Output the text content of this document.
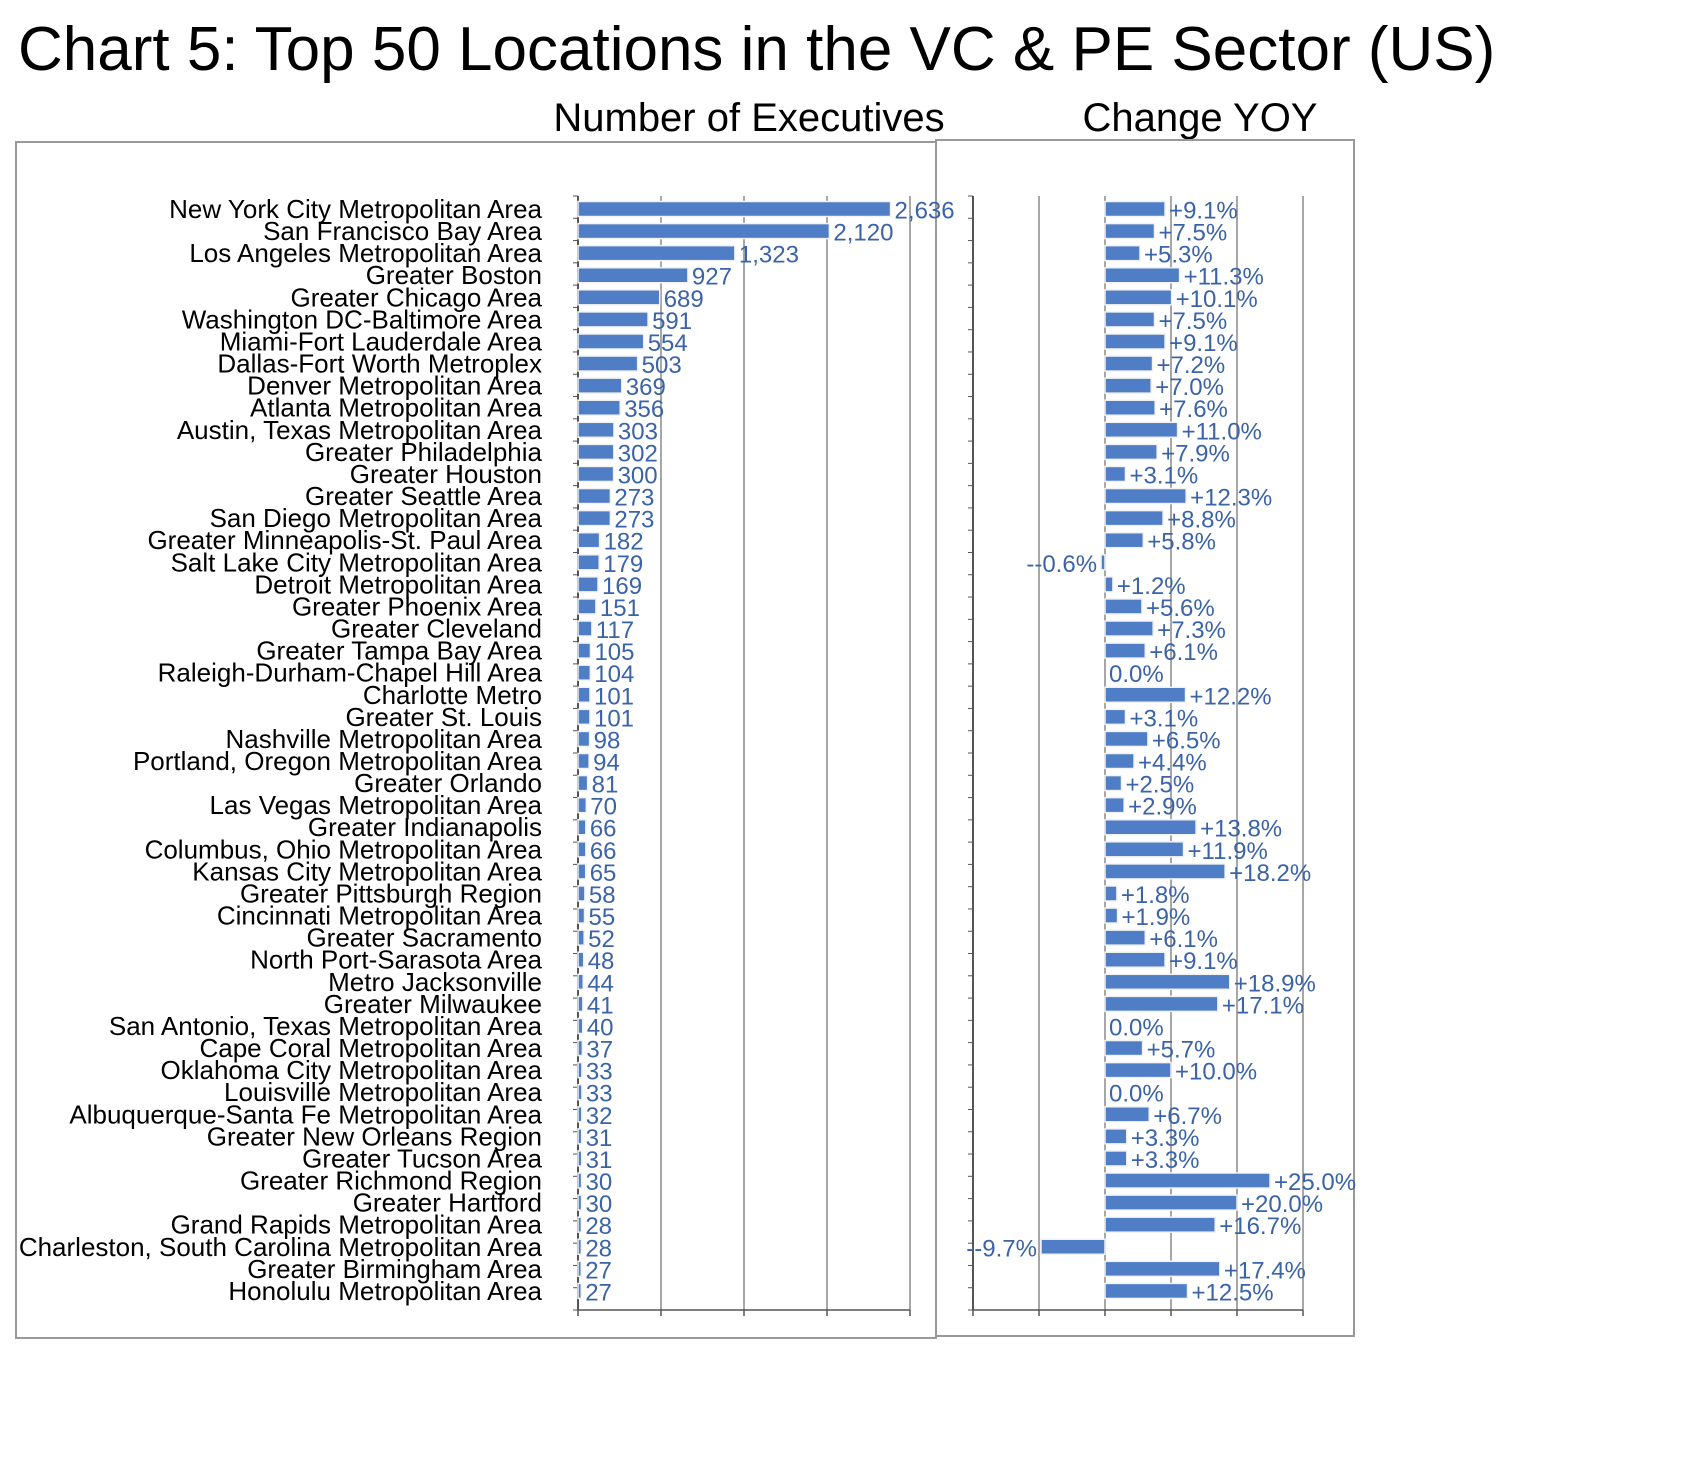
Chart 5: Top 50 Locations in the VC & PE Sector (US)
Number of Executives	Change YOY
New York City Metropolitan Area
San Francisco Bay Area
Los Angeles Metropolitan Area
Greater Boston
Greater Chicago Area
Washington DC-Baltimore Area
Miami-Fort Lauderdale Area
Dallas-Fort Worth Metroplex
Denver Metropolitan Area
Atlanta Metropolitan Area
Austin, Texas Metropolitan Area
Greater Philadelphia
Greater Houston
Greater Seattle Area
San Diego Metropolitan Area
Greater Minneapolis-St. Paul Area
Salt Lake City Metropolitan Area
Detroit Metropolitan Area
Greater Phoenix Area
Greater Cleveland
Greater Tampa Bay Area
Raleigh-Durham-Chapel Hill Area
Charlotte Metro
Greater St. Louis
Nashville Metropolitan Area
Portland, Oregon Metropolitan Area
Greater Orlando
Las Vegas Metropolitan Area
Greater Indianapolis
Columbus, Ohio Metropolitan Area
Kansas City Metropolitan Area
Greater Pittsburgh Region
Cincinnati Metropolitan Area
Greater Sacramento
North Port-Sarasota Area
Metro Jacksonville
Greater Milwaukee
San Antonio, Texas Metropolitan Area
Cape Coral Metropolitan Area
Oklahoma City Metropolitan Area
Louisville Metropolitan Area
Albuquerque-Santa Fe Metropolitan Area
Greater New Orleans Region
Greater Tucson Area
Greater Richmond Region
Greater Hartford
Grand Rapids Metropolitan Area
Charleston, South Carolina Metropolitan Area
Greater Birmingham Area
Honolulu Metropolitan Area
2,636
2,120
1,323
927
689
591
554
503
369
356
303
302
300
273
273
182
179
169
151
117
105
104
101
101
98
94
81
70
66
66
65
58
55
52
48
44
41
40
37
33
33
32
31
31
30
30
28
28
27
27
+9.1%
+7.5%
+5.3%
+11.3%
+10.1%
+7.5%
+9.1%
+7.2%
+7.0%
+7.6%
+11.0%
+7.9%
+3.1%
+12.3%
+8.8%
+5.8%
--0.6%
+1.2%
+5.6%
+7.3%
+6.1%
0.0%
+12.2%
+3.1%
+6.5%
+4.4%
+2.5%
+2.9%
+13.8%
+11.9%
+18.2%
+1.8%
+1.9%
+6.1%
+9.1%
+18.9%
+17.1%
0.0%
+5.7%
+10.0%
0.0%
+6.7%
+3.3%
+3.3%
+25.0%
+20.0%
+16.7%
--9.7%
+17.4%
+12.5%
